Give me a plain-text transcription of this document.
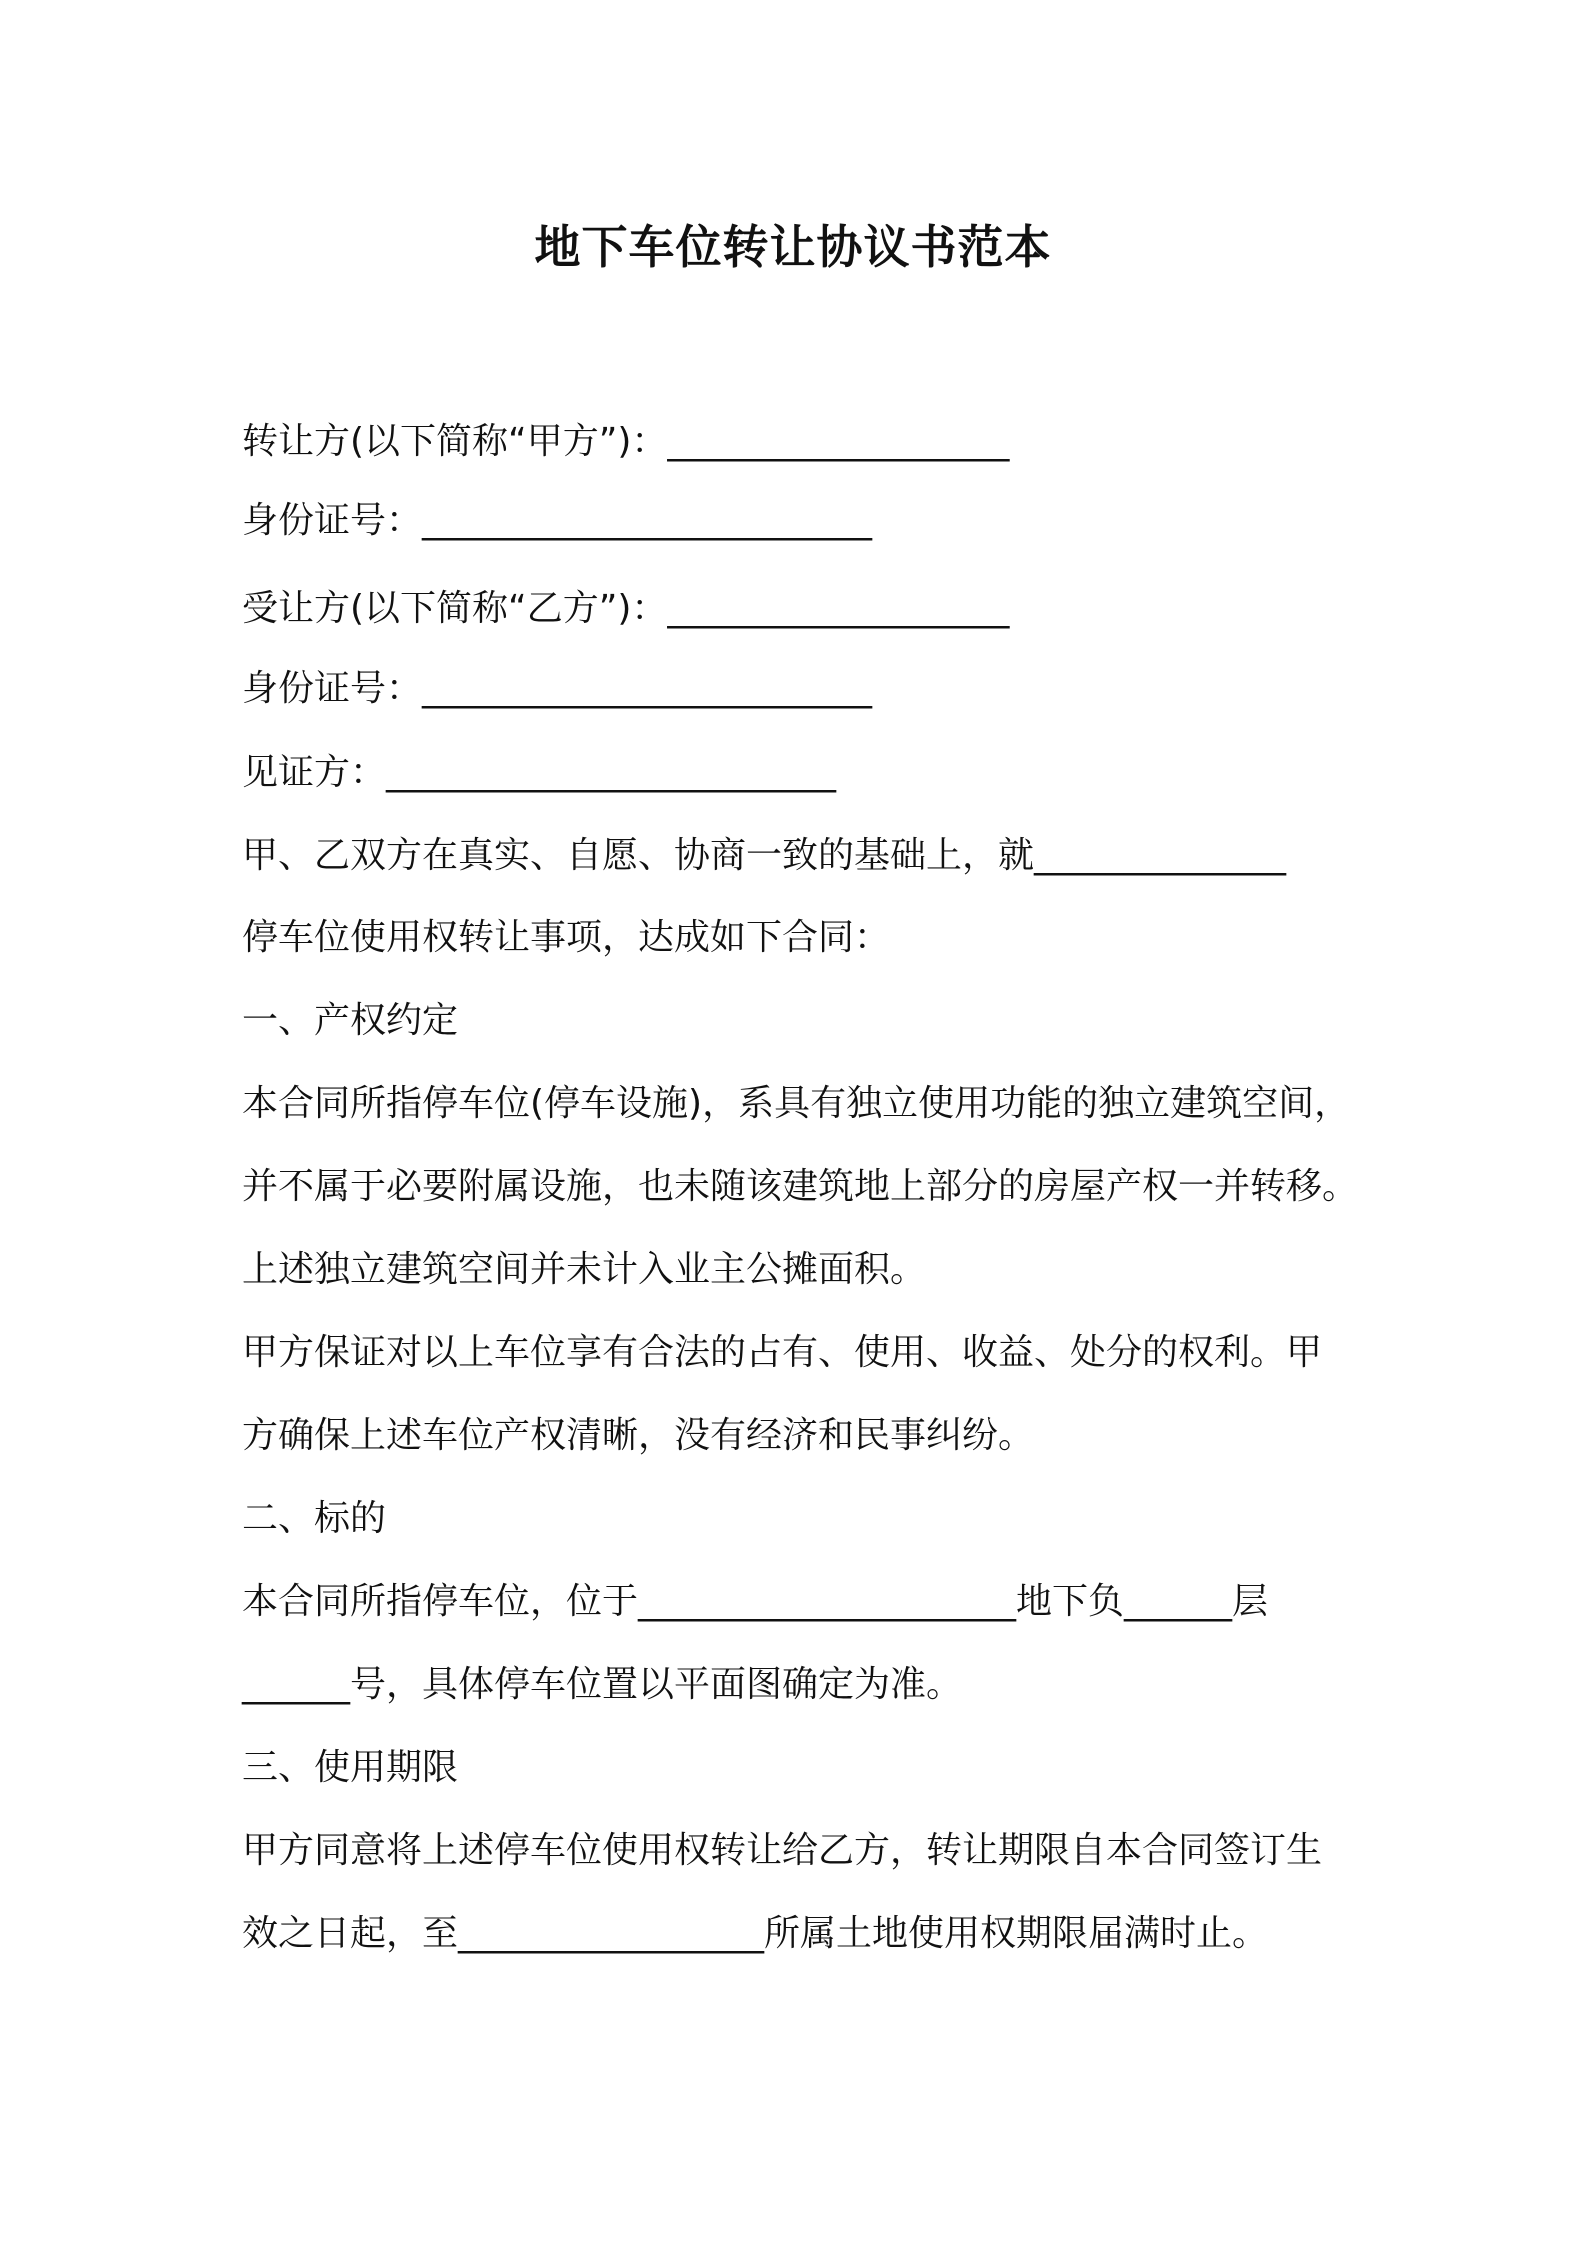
地下车位转让协议书范本
转让方(以下简称“甲方”)：___________________
身份证号：_________________________
受让方(以下简称“乙方”)：___________________
身份证号：_________________________
见证方：_________________________
甲、乙双方在真实、自愿、协商一致的基础上，就______________
停车位使用权转让事项，达成如下合同：
一、产权约定
本合同所指停车位(停车设施)，系具有独立使用功能的独立建筑空间，
并不属于必要附属设施，也未随该建筑地上部分的房屋产权一并转移。
上述独立建筑空间并未计入业主公摊面积。
甲方保证对以上车位享有合法的占有、使用、收益、处分的权利。甲
方确保上述车位产权清晰，没有经济和民事纠纷。
二、标的
本合同所指停车位，位于_____________________地下负______层
______号，具体停车位置以平面图确定为准。
三、使用期限
甲方同意将上述停车位使用权转让给乙方，转让期限自本合同签订生
效之日起，至_________________所属土地使用权期限届满时止。
